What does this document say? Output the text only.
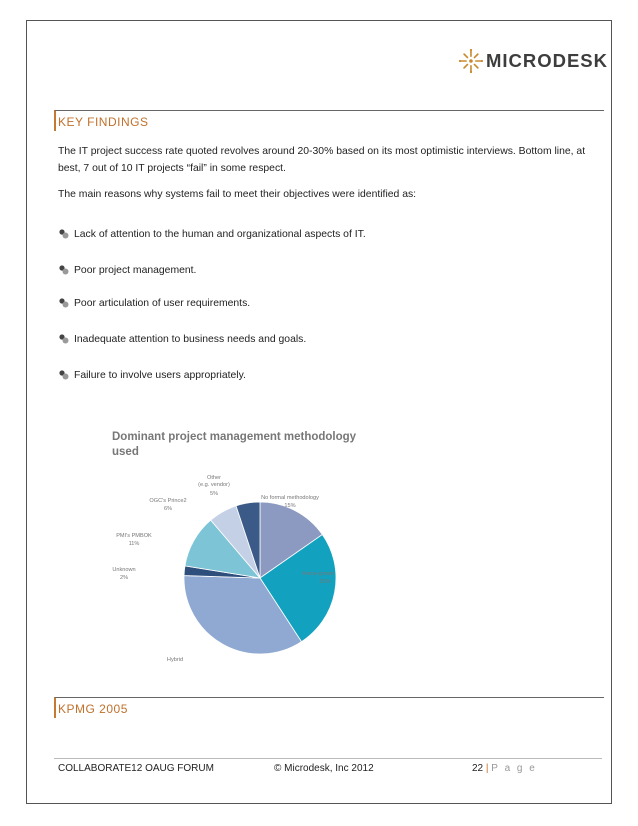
MICRODESK
KEY FINDINGS
The IT project success rate quoted revolves around 20-30% based on its most optimistic interviews. Bottom line, at best, 7 out of 10 IT projects “fail” in some respect.
The main reasons why systems fail to meet their objectives were identified as:
Lack of attention to the human and organizational aspects of IT.
Poor project management.
Poor articulation of user requirements.
Inadequate attention to business needs and goals.
Failure to involve users appropriately.
Dominant project management methodology
used
Other
(e.g. vendor)
5%
OGC's Prince2
6%
PMI's PMBOK
11%
Unknown
2%
Hybrid
No formal methodology
15%
Home-grown
25%
KPMG 2005
COLLABORATE12 OAUG FORUM	© Microdesk, Inc 2012	22 | P a g e
